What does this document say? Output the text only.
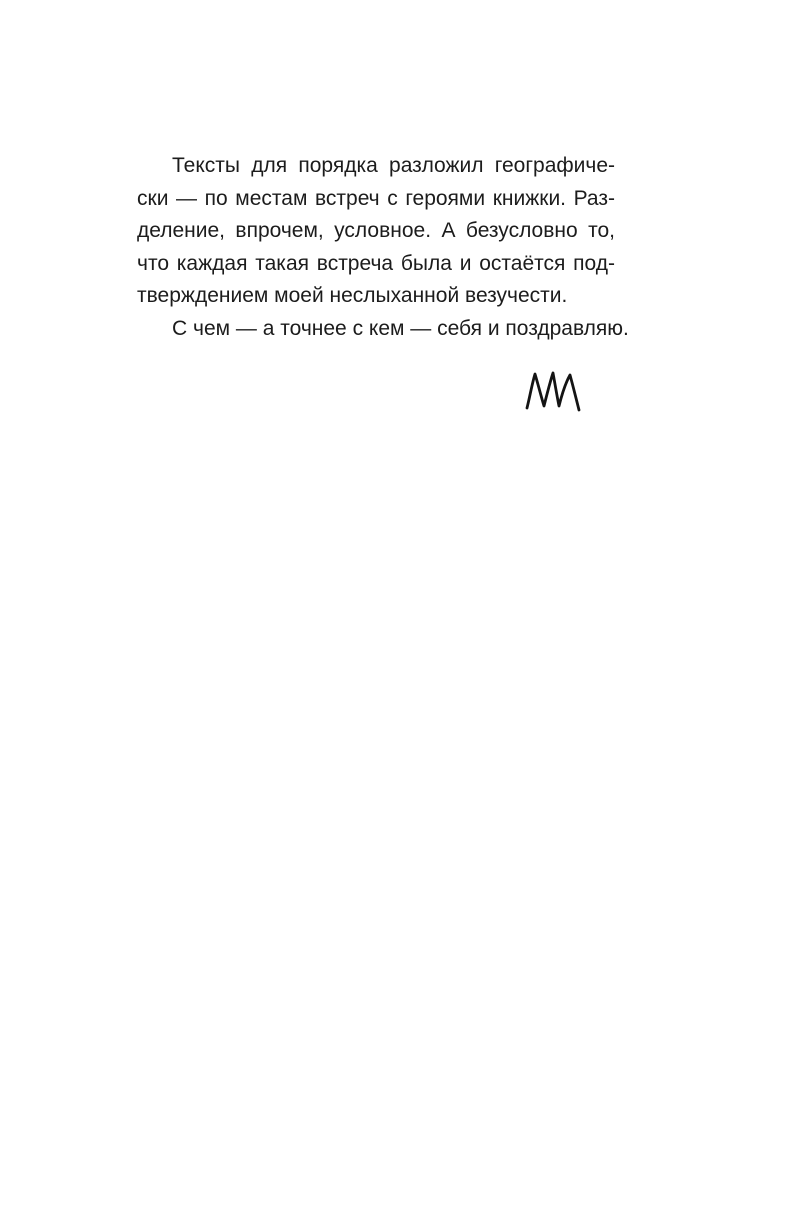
Тексты для порядка разложил географиче-
ски — по местам встреч с героями книжки. Раз-
деление, впрочем, условное. А безусловно то,
что каждая такая встреча была и остаётся под-
тверждением моей неслыханной везучести.
С чем — а точнее с кем — себя и поздравляю.
